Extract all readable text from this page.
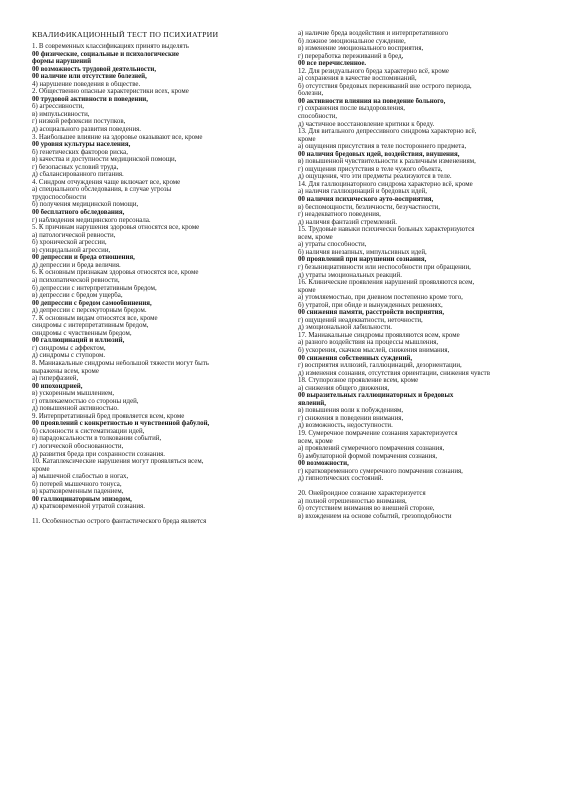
КВАЛИФИКАЦИОННЫЙ ТЕСТ ПО ПСИХИАТРИИ
1. В современных классификациях принято выделять
00 физические, социальные и психологические
формы нарушений
00 возможность трудовой деятельности,
00 наличие или отсутствие болезней,
4) нарушение поведения в обществе.
2. Общественно опасные характеристики всех, кроме
00 трудовой активности в поведении,
б) агрессивности,
в) импульсивности,
г) низкой рефлексии поступков,
д) асоциального развития поведения.
3. Наибольшее влияние на здоровье оказывают все, кроме
00 уровня культуры населения,
б) генетических факторов риска,
в) качества и доступности медицинской помощи,
г) безопасных условий труда,
д) сбалансированного питания.
4. Синдром отчуждения чаще включает все, кроме
а) специального обследования, в случае угрозы
трудоспособности
б) получения медицинской помощи,
00 бесплатного обследования,
г) наблюдения медицинского персонала.
5. К причинам нарушения здоровья относятся все, кроме
а) патологической ревности,
б) хронической агрессии,
в) суицидальной агрессии,
00 депрессии и бреда отношения,
д) депрессии и бреда величия.
6. К основным признакам здоровья относятся все, кроме
а) психопатической ревности,
б) депрессии с интерпретативным бредом,
в) депрессии с бредом ущерба,
00 депрессии с бредом самообвинения,
д) депрессии с персекуторным бредом.
7. К основным видам относятся все, кроме
синдромы с интерпретативным бредом,
синдромы с чувственным бредом,
00 галлюцинаций и иллюзий,
г) синдромы с аффектом,
д) синдромы с ступором.
8. Маниакальные синдромы небольшой тяжести могут быть
выражены всем, кроме
а) гиперфазией,
00 ипохондрией,
в) ускоренным мышлением,
г) отвлекаемостью со стороны идей,
д) повышенной активностью.
9. Интерпретативный бред проявляется всем, кроме
00 проявлений с конкретностью и чувственной фабулой,
б) склонности к систематизации идей,
в) парадоксальности в толковании событий,
г) логической обоснованности,
д) развития бреда при сохранности сознания.
10. Катаплексические нарушения могут проявляться всем,
кроме
а) мышечной слабостью в ногах,
б) потерей мышечного тонуса,
в) кратковременным падением,
00 галлюцинаторным эпизодом,
д) кратковременной утратой сознания.

11. Особенностью острого фантастического бреда является
а) наличие бреда воздействия и интерпретативного
б) ложное эмоциональное суждение,
в) изменение эмоционального восприятия,
г) переработка переживаний в бред,
00 все перечисленное.
12. Для резидуального бреда характерно всё, кроме
а) сохранения в качестве воспоминаний,
б) отсутствия бредовых переживаний вне острого периода,
болезни,
00 активности влияния на поведение больного,
г) сохранения после выздоровления,
способности,
д) частичное восстановление критики к бреду.
13. Для витального депрессивного синдрома характерно всё,
кроме
а) ощущения присутствия в теле постороннего предмета,
00 наличия бредовых идей, воздействия, внушения,
в) повышенной чувствительности к различным изменениям,
г) ощущения присутствия в теле чужого объекта,
д) ощущения, что эти предметы реализуются в теле.
14. Для галлюцинаторного синдрома характерно всё, кроме
а) наличия галлюцинаций и бредовых идей,
00 наличия психического ауто-восприятия,
в) беспомощности, безличности, безучастности,
г) неадекватного поведения,
д) наличия фантазий стремлений.
15. Трудовые навыки психически больных характеризуются
всем, кроме
а) утраты способности,
б) наличия внезапных, импульсивных идей,
00 проявлений при нарушении сознания,
г) безынициативности или неспособности при обращении,
д) утраты эмоциональных реакций.
16. Клинические проявления нарушений проявляются всем,
кроме
а) утомляемостью, при дневном постепенно кроме того,
б) утратой, при обиде и вынужденных решениях,
00 снижения памяти, расстройств восприятия,
г) ощущений неадекватности, неточности,
д) эмоциональной лабильности.
17. Маниакальные синдромы проявляются всем, кроме
а) разного воздействия на процессы мышления,
б) ускорения, скачков мыслей, снижения внимания,
00 снижения собственных суждений,
г) восприятия иллюзий, галлюцинаций, дезориентации,
д) изменения сознания, отсутствия ориентации, снижения чувств
18. Ступорозное проявление всем, кроме
а) снижения общего движения,
00 выразительных галлюцинаторных и бредовых
явлений,
в) повышения воли к побуждениям,
г) снижения в поведении внимания,
д) возможность, недоступности.
19. Сумеречное помрачение сознания характеризуется
всем, кроме
а) проявлений сумеречного помрачения сознания,
б) амбулаторной формой помрачения сознания,
00 возможности,
г) кратковременного сумеречного помрачения сознания,
д) гипнотических состояний.

20. Онейроидное сознание характеризуется
а) полной отрешенностью внимания,
б) отсутствием внимания во внешней стороне,
в) вхождением на основе событий, грезоподобности
